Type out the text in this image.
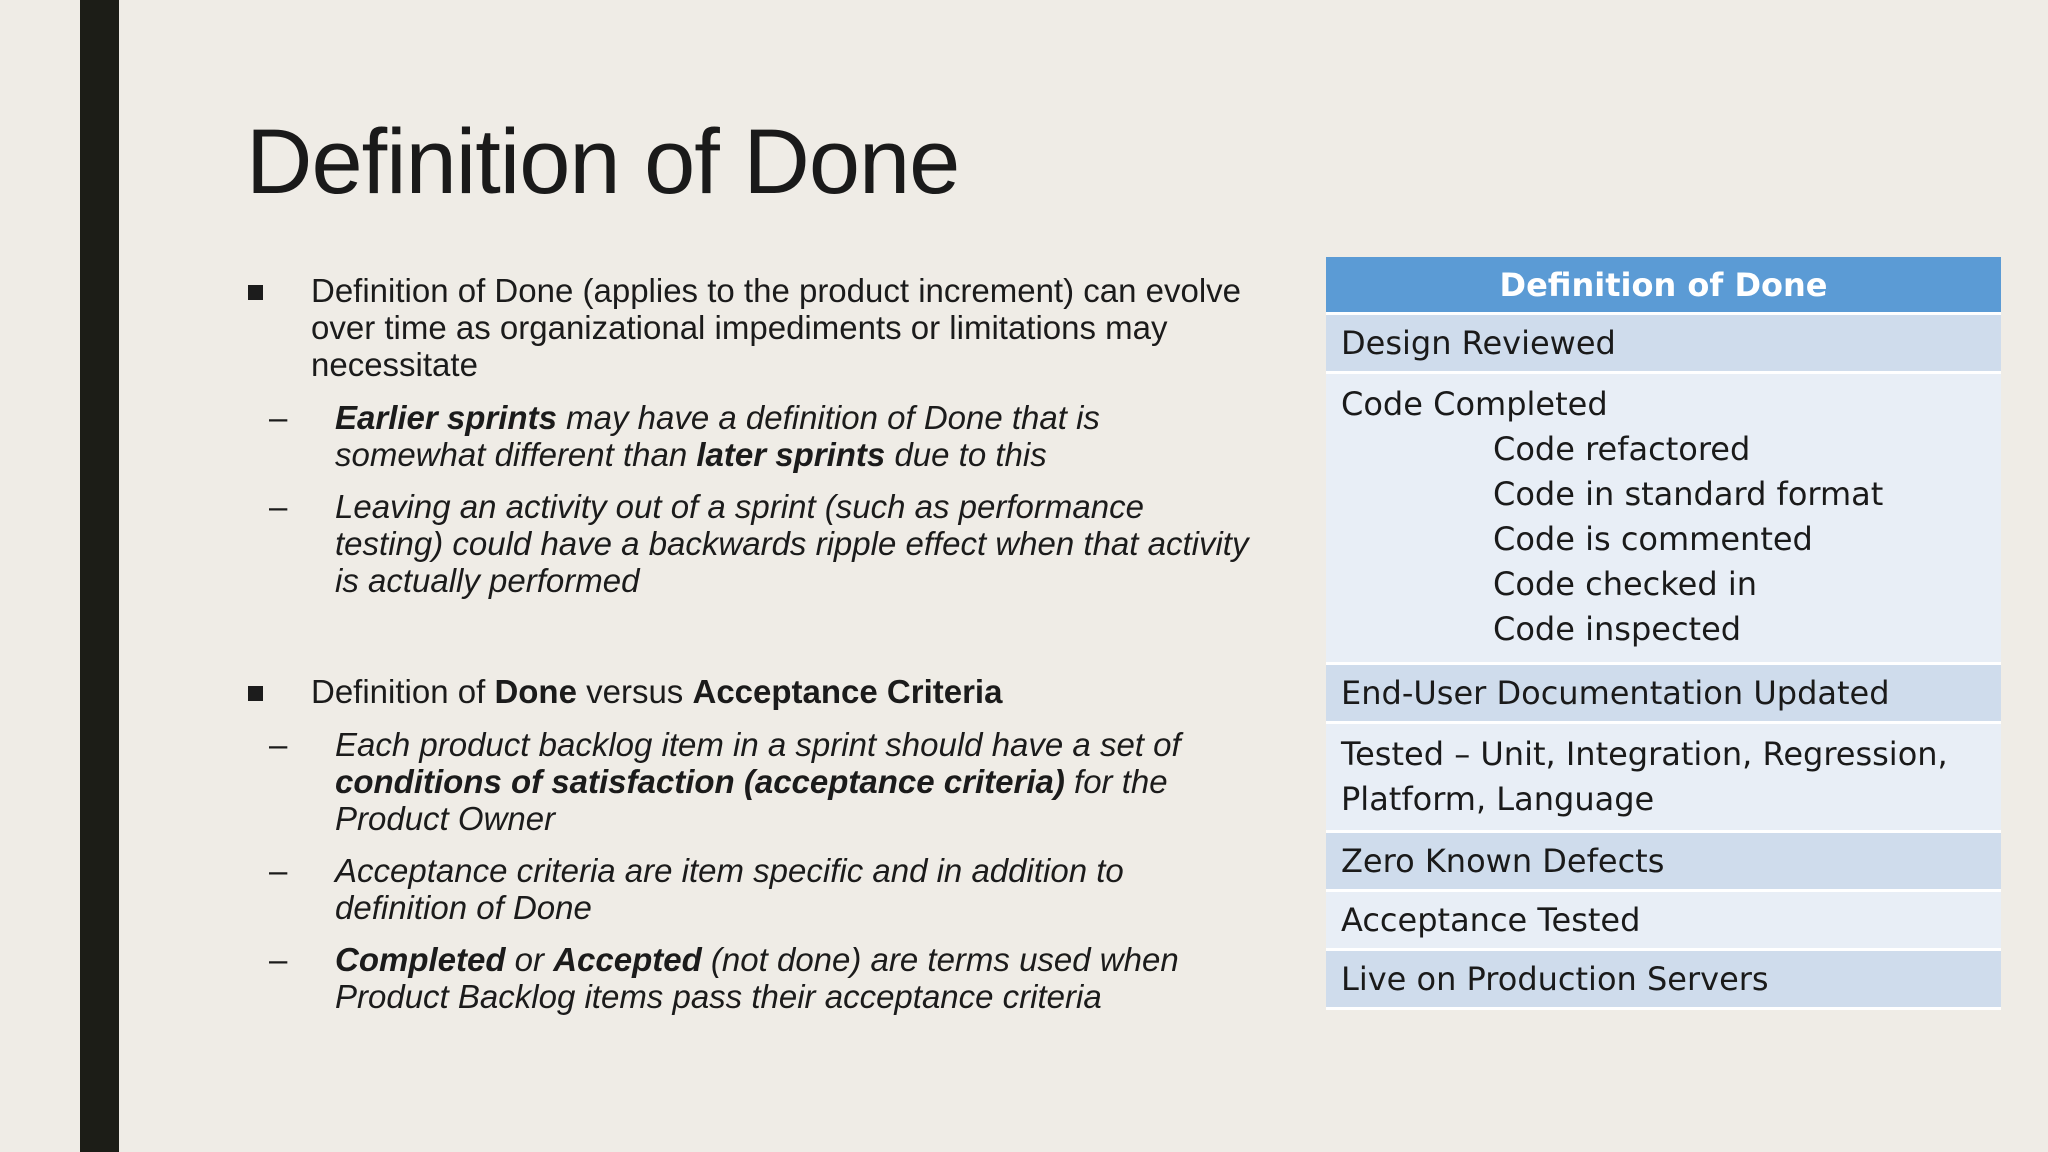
Definition of Done
Definition of Done (applies to the product increment) can evolve over time as organizational impediments or limitations may necessitate
– Earlier sprints may have a definition of Done that is somewhat different than later sprints due to this
– Leaving an activity out of a sprint (such as performance testing) could have a backwards ripple effect when that activity is actually performed
Definition of Done versus Acceptance Criteria
– Each product backlog item in a sprint should have a set of conditions of satisfaction (acceptance criteria) for the Product Owner
– Acceptance criteria are item specific and in addition to definition of Done
– Completed or Accepted (not done) are terms used when Product Backlog items pass their acceptance criteria
Definition of Done
Design Reviewed
Code Completed
Code refactored
Code in standard format
Code is commented
Code checked in
Code inspected

End-User Documentation Updated
Tested – Unit, Integration, Regression, Platform, Language
Zero Known Defects
Acceptance Tested
Live on Production Servers
